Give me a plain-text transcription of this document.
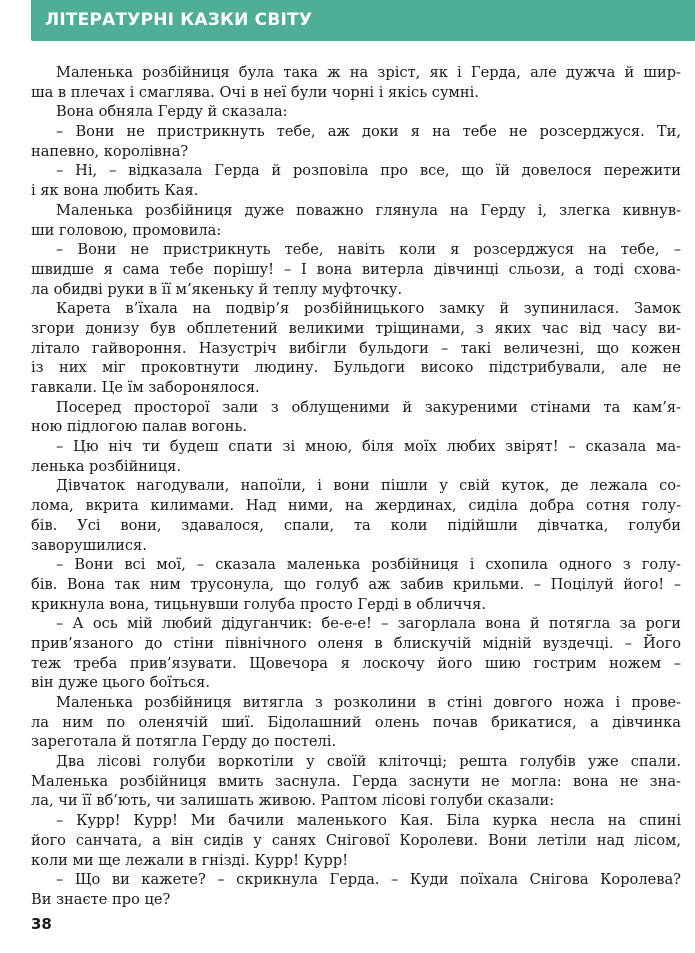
ЛІТЕРАТУРНІ КАЗКИ СВІТУ
Маленька розбійниця була така ж на зріст, як і Герда, але дужча й шир-
ша в плечах і смаглява. Очі в неї були чорні і якісь сумні.
Вона обняла Герду й сказала:
– Вони не пристрикнуть тебе, аж доки я на тебе не розсерджуся. Ти,
напевно, королівна?
– Ні, – відказала Герда й розповіла про все, що їй довелося пережити
і як вона любить Кая.
Маленька розбійниця дуже поважно глянула на Герду і, злегка кивнув-
ши головою, промовила:
– Вони не пристрикнуть тебе, навіть коли я розсерджуся на тебе, –
швидше я сама тебе порішу! – І вона витерла дівчинці сльози, а тоді схова-
ла обидві руки в її м’якеньку й теплу муфточку.
Карета в’їхала на подвір’я розбійницького замку й зупинилася. Замок
згори донизу був обплетений великими тріщинами, з яких час від часу ви-
літало гайвороння. Назустріч вибігли бульдоги – такі величезні, що кожен
із них міг проковтнути людину. Бульдоги високо підстрибували, але не
гавкали. Це їм заборонялося.
Посеред просторої зали з облущеними й закуреними стінами та кам’я-
ною підлогою палав вогонь.
– Цю ніч ти будеш спати зі мною, біля моїх любих звірят! – сказала ма-
ленька розбійниця.
Дівчаток нагодували, напоїли, і вони пішли у свій куток, де лежала со-
лома, вкрита килимами. Над ними, на жердинах, сиділа добра сотня голу-
бів. Усі вони, здавалося, спали, та коли підійшли дівчатка, голуби
заворушилися.
– Вони всі мої, – сказала маленька розбійниця і схопила одного з голу-
бів. Вона так ним трусонула, що голуб аж забив крильми. – Поцілуй його! –
крикнула вона, тицьнувши голуба просто Герді в обличчя.
– А ось мій любий дідуганчик: бе-е-е! – загорлала вона й потягла за роги
прив’язаного до стіни північного оленя в блискучій мідній вуздечці. – Його
теж треба прив’язувати. Щовечора я лоскочу його шию гострим ножем –
він дуже цього боїться.
Маленька розбійниця витягла з розколини в стіні довгого ножа і прове-
ла ним по оленячій шиї. Бідолашний олень почав брикатися, а дівчинка
зареготала й потягла Герду до постелі.
Два лісові голуби воркотіли у своїй кліточці; решта голубів уже спали.
Маленька розбійниця вмить заснула. Герда заснути не могла: вона не зна-
ла, чи її вб’ють, чи залишать живою. Раптом лісові голуби сказали:
– Курр! Курр! Ми бачили маленького Кая. Біла курка несла на спині
його санчата, а він сидів у санях Снігової Королеви. Вони летіли над лісом,
коли ми ще лежали в гнізді. Курр! Курр!
– Що ви кажете? – скрикнула Герда. – Куди поїхала Снігова Королева?
Ви знаєте про це?
38
